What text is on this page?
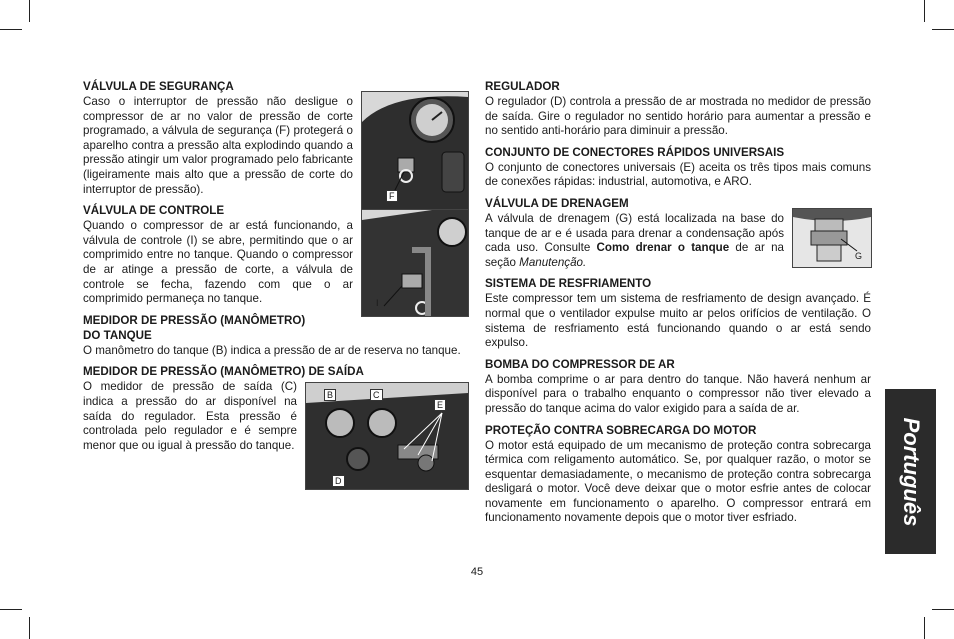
VÁLVULA DE SEGURANÇA
F

Caso o interruptor de pressão não desligue o compressor de ar no valor de pressão de corte programado, a válvula de segurança (F) protegerá o aparelho contra a pressão alta explodindo quando a pressão atingir um valor programado pelo fabricante (ligeiramente mais alto que a pressão de corte do interruptor de pressão).

VÁLVULA DE CONTROLE
I

Quando o compressor de ar está funcionando, a válvula de controle (I) se abre, permitindo que o ar comprimido entre no tanque. Quando o compressor de ar atinge a pressão de corte, a válvula de controle se fecha, fazendo com que o ar comprimido permaneça no tanque.

MEDIDOR DE PRESSÃO (MANÔMETRO)
DO TANQUE

O manômetro do tanque (B) indica a pressão de ar de reserva no tanque.

MEDIDOR DE PRESSÃO (MANÔMETRO) DE SAÍDA
B	C
E
D

O medidor de pressão de saída (C) indica a pressão do ar disponível na saída do regulador. Esta pressão é controlada pelo regulador e é sempre menor que ou igual à pressão do tanque.

REGULADOR

O regulador (D) controla a pressão de ar mostrada no medidor de pressão de saída. Gire o regulador no sentido horário para aumentar a pressão e no sentido anti-horário para diminuir a pressão.

CONJUNTO DE CONECTORES RÁPIDOS UNIVERSAIS

O conjunto de conectores universais (E) aceita os três tipos mais comuns de conexões rápidas: industrial, automotiva, e ARO.

VÁLVULA DE DRENAGEM
G

A válvula de drenagem (G) está localizada na base do tanque de ar e é usada para drenar a condensação após cada uso. Consulte Como drenar o tanque de ar na seção Manutenção.

SISTEMA DE RESFRIAMENTO

Este compressor tem um sistema de resfriamento de design avançado. É normal que o ventilador expulse muito ar pelos orifícios de ventilação. O sistema de resfriamento está funcionando quando o ar está sendo expulso.

BOMBA DO COMPRESSOR DE AR

A bomba comprime o ar para dentro do tanque. Não haverá nenhum ar disponível para o trabalho enquanto o compressor não tiver elevado a pressão do tanque acima do valor exigido para a saída de ar.

PROTEÇÃO CONTRA SOBRECARGA DO MOTOR

O motor está equipado de um mecanismo de proteção contra sobrecarga térmica com religamento automático. Se, por qualquer razão, o motor se esquentar demasiadamente, o mecanismo de proteção contra sobrecarga desligará o motor. Você deve deixar que o motor esfrie antes de colocar novamente em funcionamento o aparelho. O compressor entrará em funcionamento novamente depois que o motor tiver esfriado.	Português
45
